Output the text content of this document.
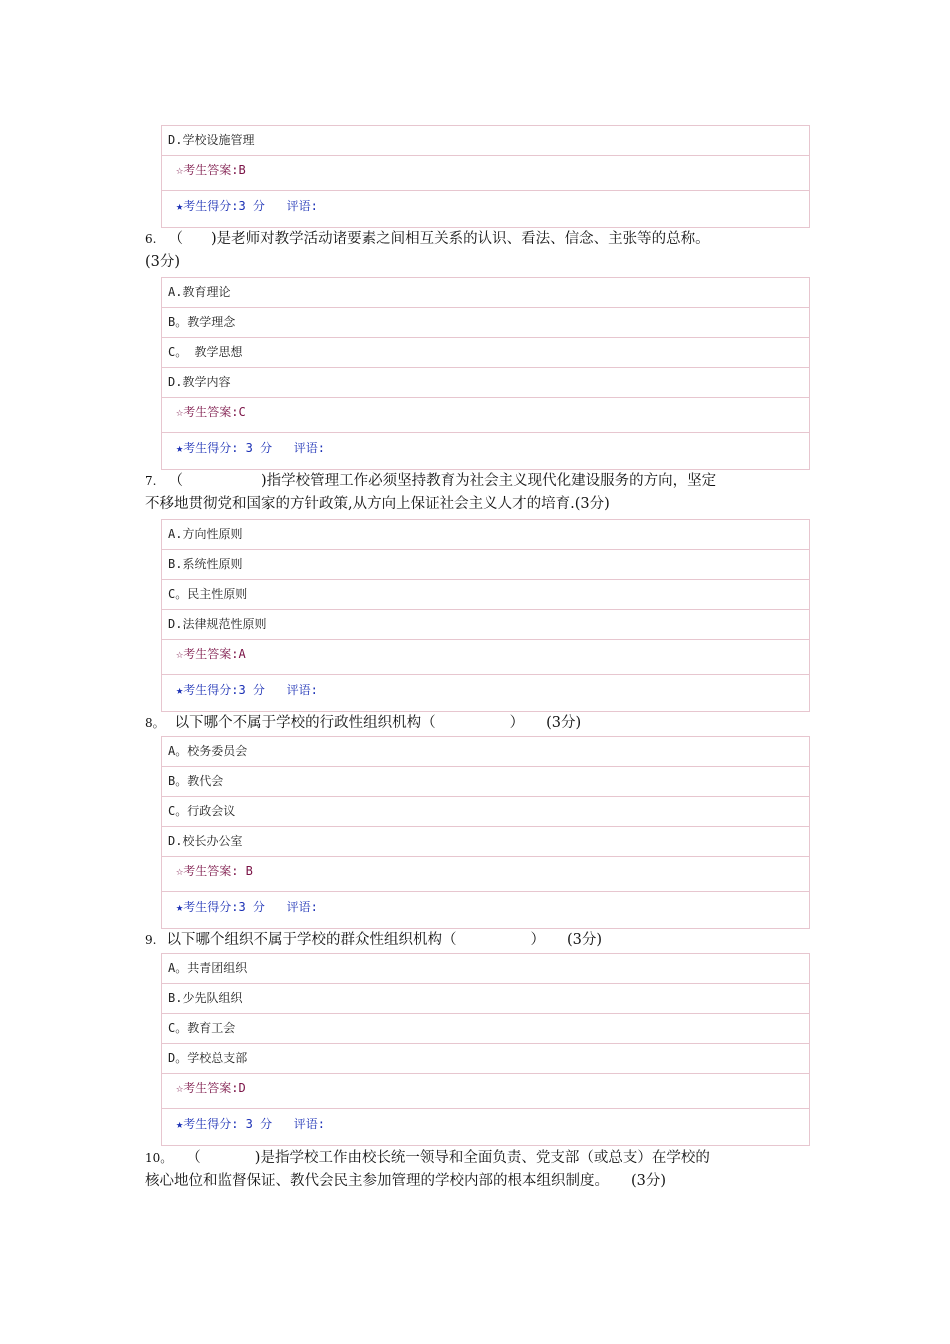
D.学校设施管理
☆考生答案:B
★考生得分:3 分   评语:
6. （ )是老师对教学活动诸要素之间相互关系的认识、看法、信念、主张等的总称。
(3分)
A.教育理论
B。教学理念
C。 教学思想
D.教学内容
☆考生答案:C
★考生得分: 3 分   评语:
7. （	)指学校管理工作必须坚持教育为社会主义现代化建设服务的方向，坚定
不移地贯彻党和国家的方针政策,从方向上保证社会主义人才的培育.(3分)
A.方向性原则
B.系统性原则
C。民主性原则
D.法律规范性原则
☆考生答案:A
★考生得分:3 分   评语:
8。 以下哪个不属于学校的行政性组织机构（	） (3分)
A。校务委员会
B。教代会
C。行政会议
D.校长办公室
☆考生答案: B
★考生得分:3 分   评语:
9. 以下哪个组织不属于学校的群众性组织机构（	） (3分)
A。共青团组织
B.少先队组织
C。教育工会
D。学校总支部
☆考生答案:D
★考生得分: 3 分   评语:
10。 （	)是指学校工作由校长统一领导和全面负责、党支部（或总支）在学校的
核心地位和监督保证、教代会民主参加管理的学校内部的根本组织制度。 (3分)
